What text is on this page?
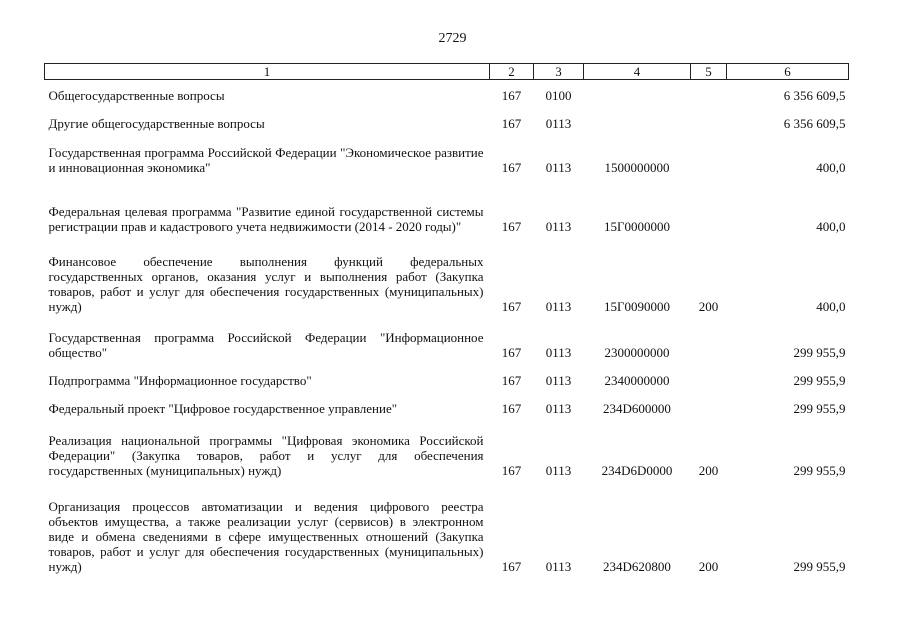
2729
1	2	3	4	5	6
Общегосударственные вопросы	167	0100			6 356 609,5
Другие общегосударственные вопросы	167	0113			6 356 609,5
Государственная программа Российской Федерации "Экономическое развитие и инновационная экономика"	167	0113	1500000000		400,0
Федеральная целевая программа "Развитие единой государственной системы регистрации прав и кадастрового учета недвижимости (2014 - 2020 годы)"	167	0113	15Г0000000		400,0
Финансовое обеспечение выполнения функций федеральных государственных органов, оказания услуг и выполнения работ (Закупка товаров, работ и услуг для обеспечения государственных (муниципальных) нужд)	167	0113	15Г0090000	200	400,0
Государственная программа Российской Федерации "Информационное общество"	167	0113	2300000000		299 955,9
Подпрограмма "Информационное государство"	167	0113	2340000000		299 955,9
Федеральный проект "Цифровое государственное управление"	167	0113	234D600000		299 955,9
Реализация национальной программы "Цифровая экономика Российской Федерации" (Закупка товаров, работ и услуг для обеспечения государственных (муниципальных) нужд)	167	0113	234D6D0000	200	299 955,9
Организация процессов автоматизации и ведения цифрового реестра объектов имущества, а также реализации услуг (сервисов) в электронном виде и обмена сведениями в сфере имущественных отношений (Закупка товаров, работ и услуг для обеспечения государственных (муниципальных) нужд)	167	0113	234D620800	200	299 955,9
